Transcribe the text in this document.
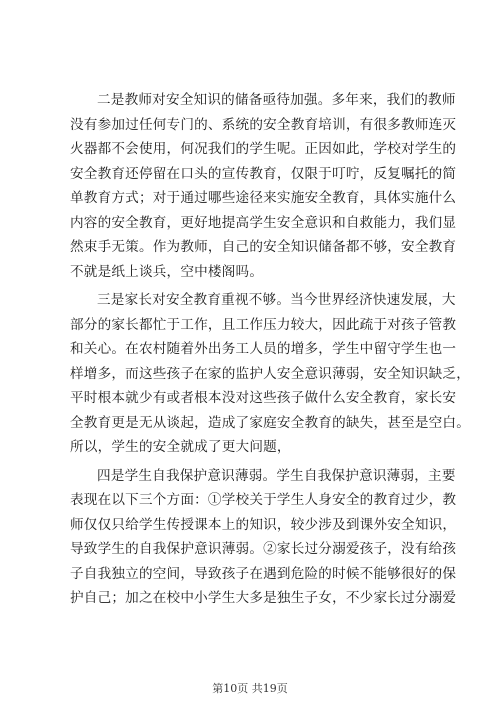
二是教师对安全知识的储备亟待加强。多年来，我们的教师
没有参加过任何专门的、系统的安全教育培训，有很多教师连灭
火器都不会使用，何况我们的学生呢。正因如此，学校对学生的
安全教育还停留在口头的宣传教育，仅限于叮咛，反复嘱托的简
单教育方式；对于通过哪些途径来实施安全教育，具体实施什么
内容的安全教育，更好地提高学生安全意识和自救能力，我们显
然束手无策。作为教师，自己的安全知识储备都不够，安全教育
不就是纸上谈兵，空中楼阁吗。
三是家长对安全教育重视不够。当今世界经济快速发展，大
部分的家长都忙于工作，且工作压力较大，因此疏于对孩子管教
和关心。在农村随着外出务工人员的增多，学生中留守学生也一
样增多，而这些孩子在家的监护人安全意识薄弱，安全知识缺乏，
平时根本就少有或者根本没对这些孩子做什么安全教育，家长安
全教育更是无从谈起，造成了家庭安全教育的缺失，甚至是空白。
所以，学生的安全就成了更大问题，
四是学生自我保护意识薄弱。学生自我保护意识薄弱，主要
表现在以下三个方面：①学校关于学生人身安全的教育过少，教
师仅仅只给学生传授课本上的知识，较少涉及到课外安全知识，
导致学生的自我保护意识薄弱。②家长过分溺爱孩子，没有给孩
子自我独立的空间，导致孩子在遇到危险的时候不能够很好的保
护自己；加之在校中小学生大多是独生子女，不少家长过分溺爱
第10页 共19页
